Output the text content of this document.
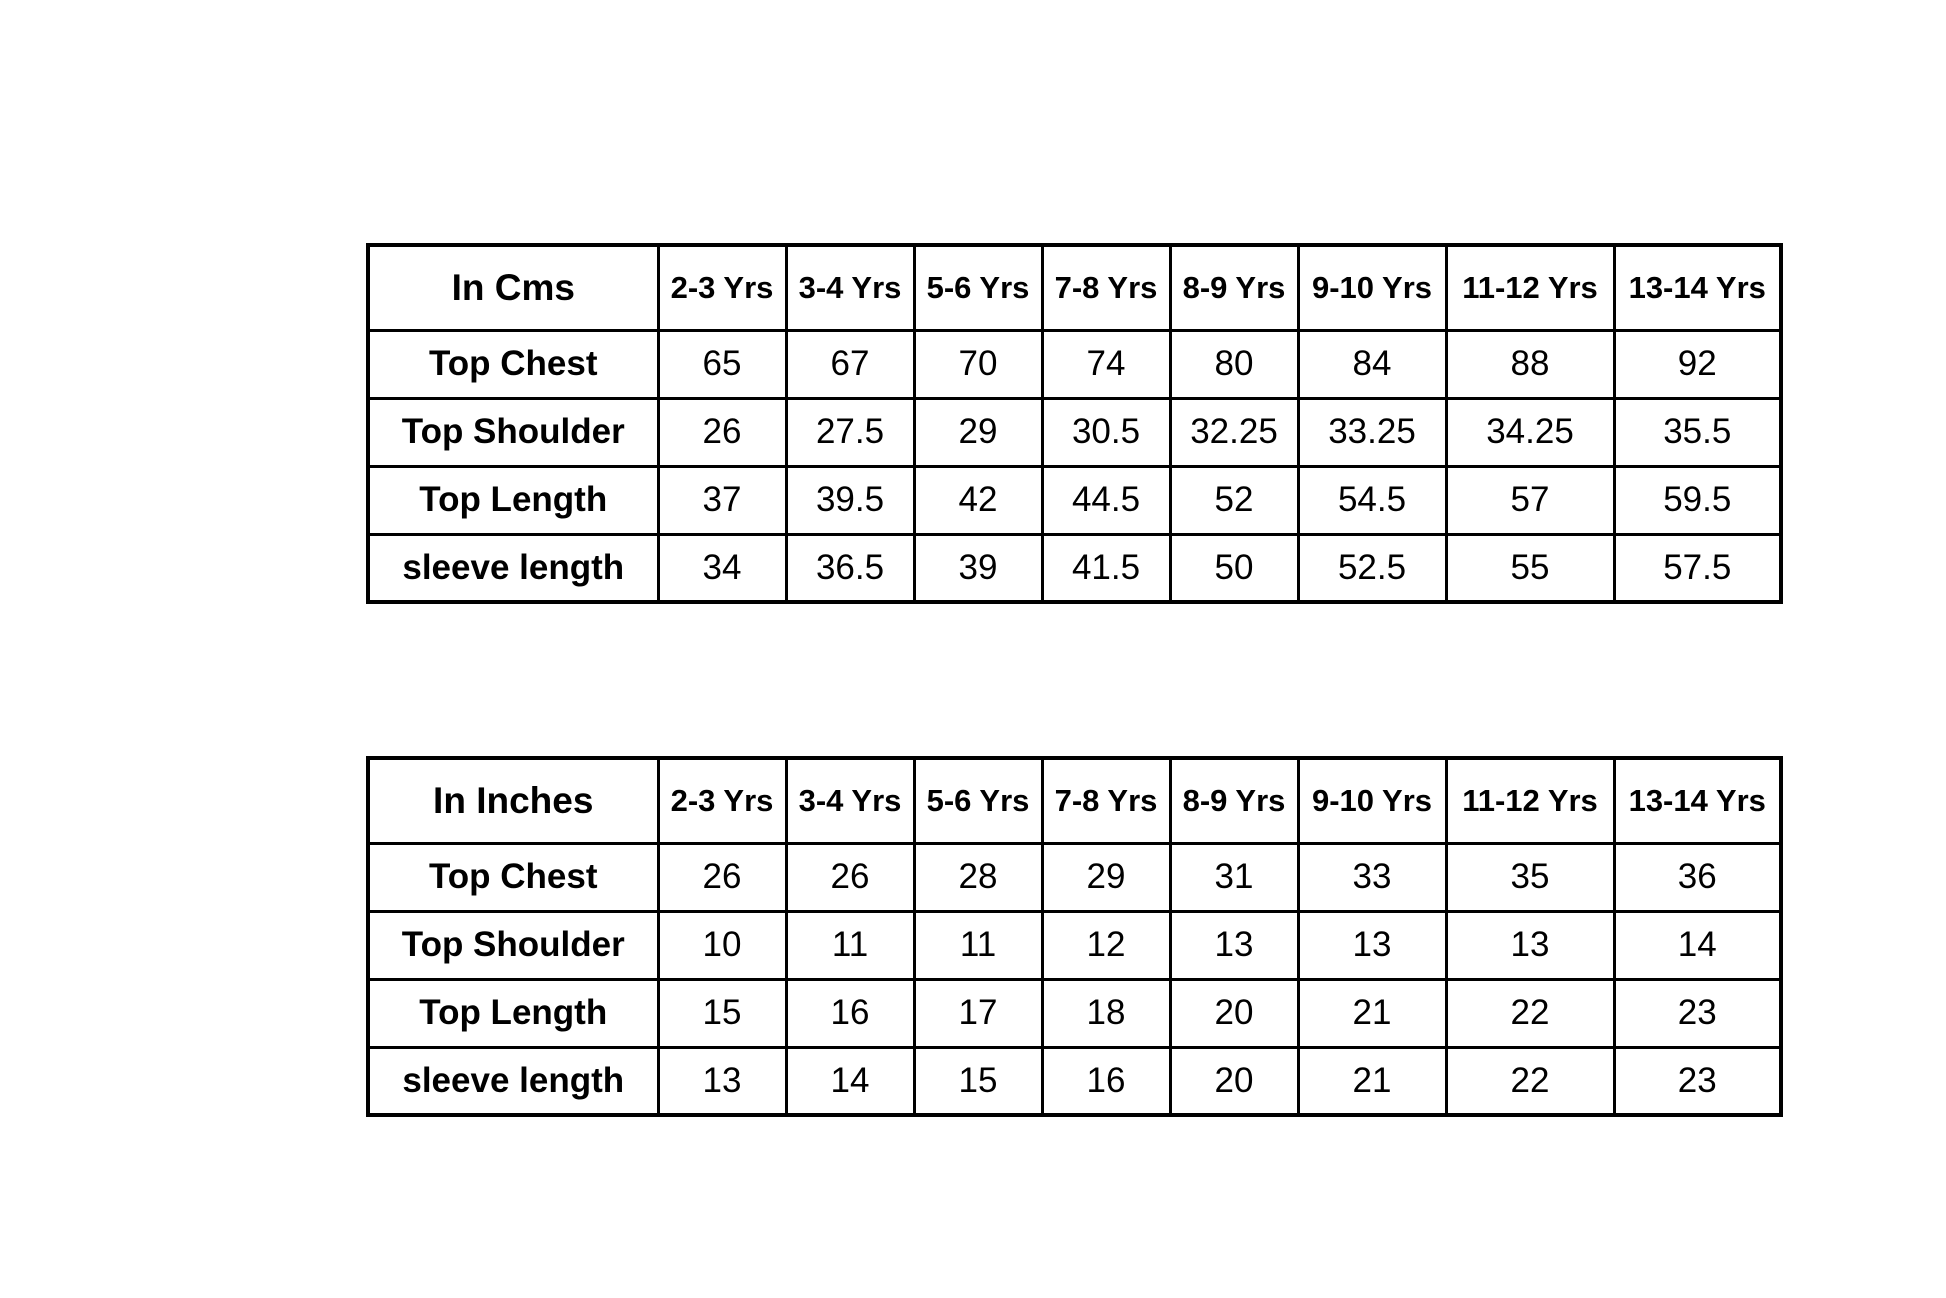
In Cms	2-3 Yrs	3-4 Yrs	5-6 Yrs	7-8 Yrs	8-9 Yrs	9-10 Yrs	11-12 Yrs	13-14 Yrs
Top Chest	65	67	70	74	80	84	88	92
Top Shoulder	26	27.5	29	30.5	32.25	33.25	34.25	35.5
Top Length	37	39.5	42	44.5	52	54.5	57	59.5
sleeve length	34	36.5	39	41.5	50	52.5	55	57.5
In Inches	2-3 Yrs	3-4 Yrs	5-6 Yrs	7-8 Yrs	8-9 Yrs	9-10 Yrs	11-12 Yrs	13-14 Yrs
Top Chest	26	26	28	29	31	33	35	36
Top Shoulder	10	11	11	12	13	13	13	14
Top Length	15	16	17	18	20	21	22	23
sleeve length	13	14	15	16	20	21	22	23
